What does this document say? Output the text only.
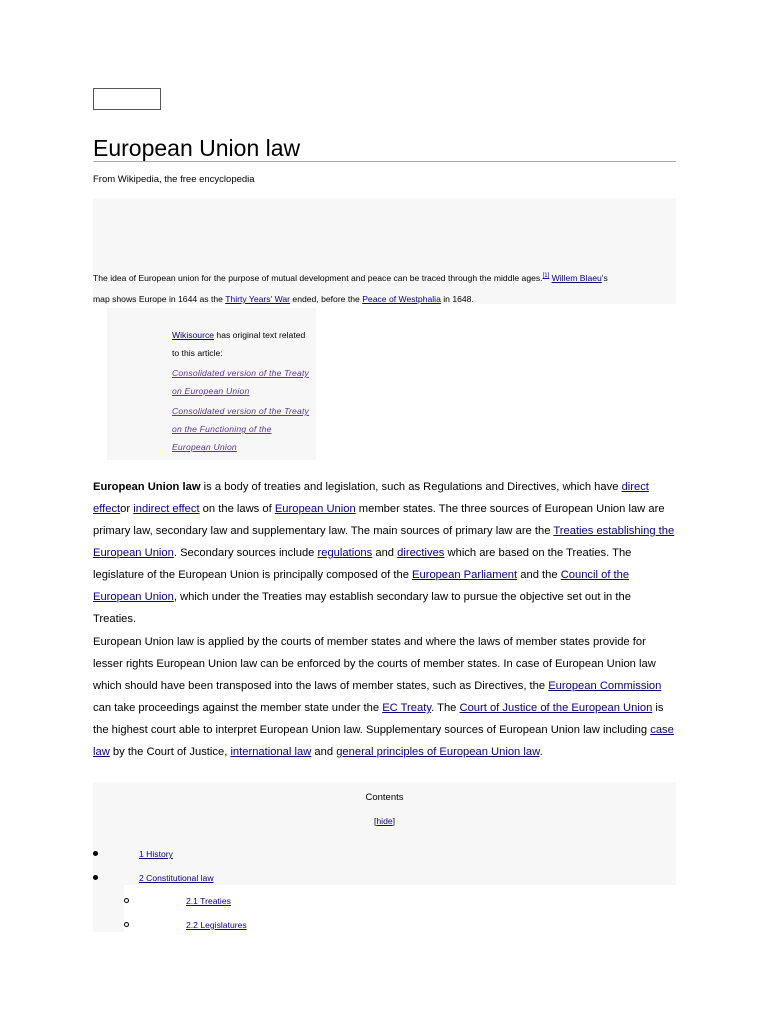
European Union law
From Wikipedia, the free encyclopedia
The idea of European union for the purpose of mutual development and peace can be traced through the middle ages.[1] Willem Blaeu's
map shows Europe in 1644 as the Thirty Years' War ended, before the Peace of Westphalia in 1648.
Wikisource has original text related to this article:
Consolidated version of the Treaty on European Union
Consolidated version of the Treaty on the Functioning of the European Union
European Union law is a body of treaties and legislation, such as Regulations and Directives, which have direct effector indirect effect on the laws of European Union member states. The three sources of European Union law are primary law, secondary law and supplementary law. The main sources of primary law are the Treaties establishing the European Union. Secondary sources include regulations and directives which are based on the Treaties. The legislature of the European Union is principally composed of the European Parliament and the Council of the European Union, which under the Treaties may establish secondary law to pursue the objective set out in the Treaties.
European Union law is applied by the courts of member states and where the laws of member states provide for lesser rights European Union law can be enforced by the courts of member states. In case of European Union law which should have been transposed into the laws of member states, such as Directives, the European Commission can take proceedings against the member state under the EC Treaty. The Court of Justice of the European Union is the highest court able to interpret European Union law. Supplementary sources of European Union law including case law by the Court of Justice, international law and general principles of European Union law.
Contents
[hide]
1 History
2 Constitutional law
2.1 Treaties
2.2 Legislatures
